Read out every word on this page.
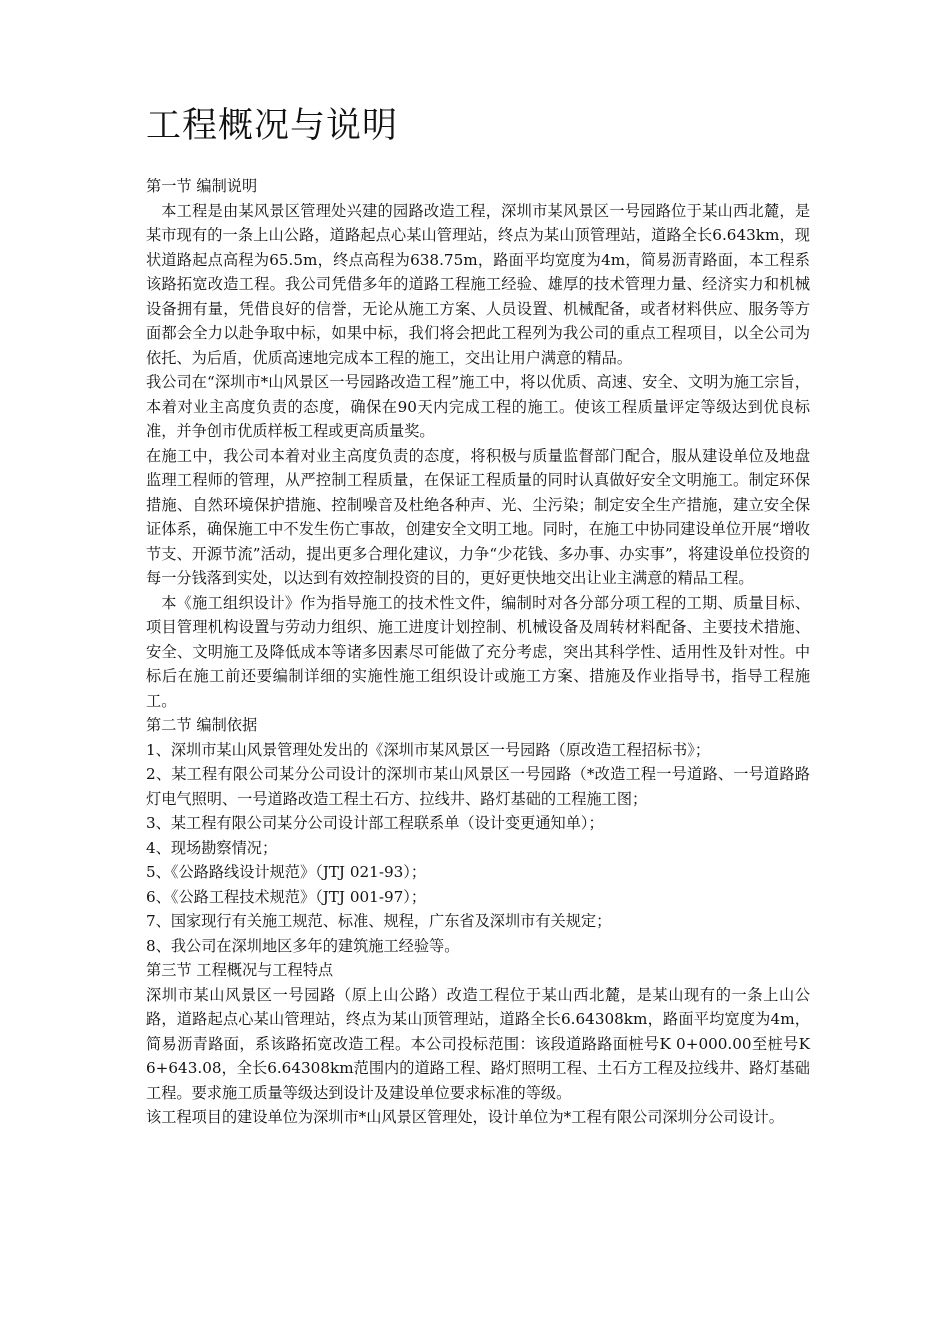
工程概况与说明

第一节 编制说明

本工程是由某风景区管理处兴建的园路改造工程，深圳市某风景区一号园路位于某山西北麓，是某市现有的一条上山公路，道路起点心某山管理站，终点为某山顶管理站，道路全长6.643km，现状道路起点高程为65.5m，终点高程为638.75m，路面平均宽度为4m，简易沥青路面，本工程系该路拓宽改造工程。我公司凭借多年的道路工程施工经验、雄厚的技术管理力量、经济实力和机械设备拥有量，凭借良好的信誉，无论从施工方案、人员设置、机械配备，或者材料供应、服务等方面都会全力以赴争取中标，如果中标，我们将会把此工程列为我公司的重点工程项目，以全公司为依托、为后盾，优质高速地完成本工程的施工，交出让用户满意的精品。

我公司在“深圳市*山风景区一号园路改造工程”施工中，将以优质、高速、安全、文明为施工宗旨，本着对业主高度负责的态度，确保在90天内完成工程的施工。使该工程质量评定等级达到优良标准，并争创市优质样板工程或更高质量奖。

在施工中，我公司本着对业主高度负责的态度，将积极与质量监督部门配合，服从建设单位及地盘监理工程师的管理，从严控制工程质量，在保证工程质量的同时认真做好安全文明施工。制定环保措施、自然环境保护措施、控制噪音及杜绝各种声、光、尘污染；制定安全生产措施，建立安全保证体系，确保施工中不发生伤亡事故，创建安全文明工地。同时，在施工中协同建设单位开展“增收节支、开源节流”活动，提出更多合理化建议，力争“少花钱、多办事、办实事”，将建设单位投资的每一分钱落到实处，以达到有效控制投资的目的，更好更快地交出让业主满意的精品工程。

本《施工组织设计》作为指导施工的技术性文件，编制时对各分部分项工程的工期、质量目标、项目管理机构设置与劳动力组织、施工进度计划控制、机械设备及周转材料配备、主要技术措施、安全、文明施工及降低成本等诸多因素尽可能做了充分考虑，突出其科学性、适用性及针对性。中标后在施工前还要编制详细的实施性施工组织设计或施工方案、措施及作业指导书，指导工程施工。

第二节 编制依据

1、深圳市某山风景管理处发出的《深圳市某风景区一号园路（原改造工程招标书》；

2、某工程有限公司某分公司设计的深圳市某山风景区一号园路（*改造工程一号道路、一号道路路灯电气照明、一号道路改造工程土石方、拉线井、路灯基础的工程施工图；

3、某工程有限公司某分公司设计部工程联系单（设计变更通知单）；

4、现场勘察情况；

5、《公路路线设计规范》（JTJ 021-93）；

6、《公路工程技术规范》（JTJ 001-97）；

7、国家现行有关施工规范、标准、规程，广东省及深圳市有关规定；

8、我公司在深圳地区多年的建筑施工经验等。

第三节 工程概况与工程特点

深圳市某山风景区一号园路（原上山公路）改造工程位于某山西北麓，是某山现有的一条上山公路，道路起点心某山管理站，终点为某山顶管理站，道路全长6.64308km，路面平均宽度为4m，简易沥青路面，系该路拓宽改造工程。本公司投标范围：该段道路路面桩号K 0+000.00至桩号K 6+643.08，全长6.64308km范围内的道路工程、路灯照明工程、土石方工程及拉线井、路灯基础工程。要求施工质量等级达到设计及建设单位要求标准的等级。

该工程项目的建设单位为深圳市*山风景区管理处，设计单位为*工程有限公司深圳分公司设计。
